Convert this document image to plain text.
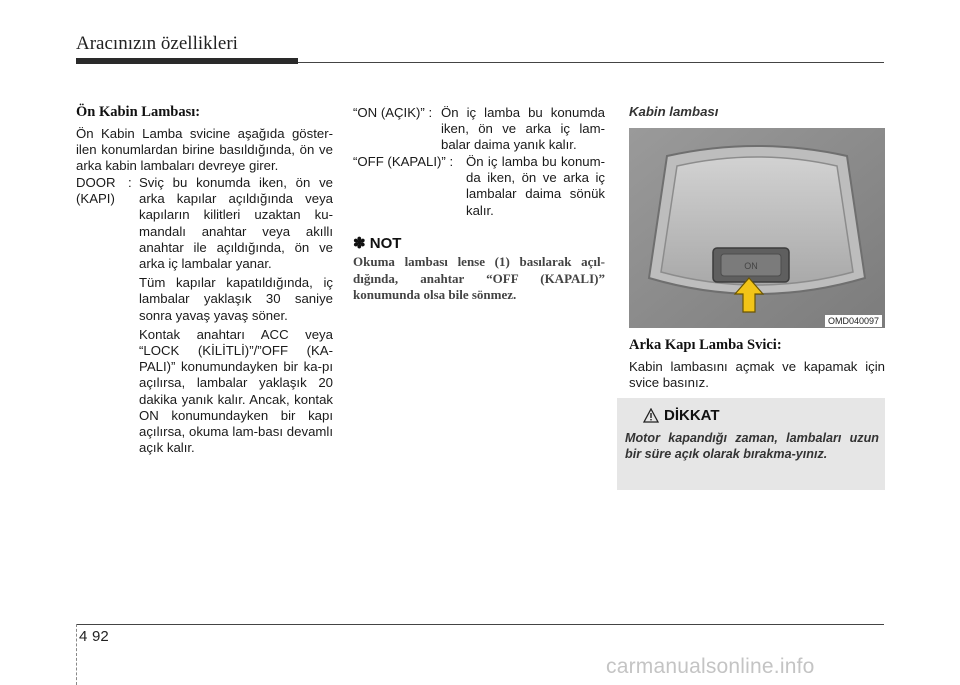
Aracınızın özellikleri
Ön Kabin Lambası:
Ön Kabin Lamba svicine aşağıda göster-ilen konumlardan birine basıldığında, ön ve arka kabin lambaları devreye girer.
DOOR
(KAPI)
: Sviç bu konumda iken, ön ve arka kapılar açıldığında veya kapıların kilitleri uzaktan ku-mandalı anahtar veya akıllı anahtar ile açıldığında, ön ve arka iç lambalar yanar.
Tüm kapılar kapatıldığında, iç lambalar yaklaşık 30 saniye sonra yavaş yavaş söner.
Kontak anahtarı ACC veya “LOCK (KİLİTLİ)”/”OFF (KA-PALI)” konumundayken bir ka-pı açılırsa, lambalar yaklaşık 20 dakika yanık kalır. Ancak, kontak ON konumundayken bir kapı açılırsa, okuma lam-bası devamlı açık kalır.
“ON (AÇIK)” : Ön iç lamba bu konumda iken, ön ve arka iç lam-balar daima yanık kalır.
“OFF (KAPALI)” : Ön iç lamba bu konum-da iken, ön ve arka iç lambalar daima sönük kalır.
✽ NOT
Okuma lambası lense (1) basılarak açıl-dığında, anahtar “OFF (KAPALI)” konumunda olsa bile sönmez.
Kabin lambası
ON
OMD040097
Arka Kapı Lamba Svici:
Kabin lambasını açmak ve kapamak için svice basınız.
DİKKAT
Motor kapandığı zaman, lambaları uzun bir süre açık olarak bırakma-yınız.
4 92
carmanualsonline.info
